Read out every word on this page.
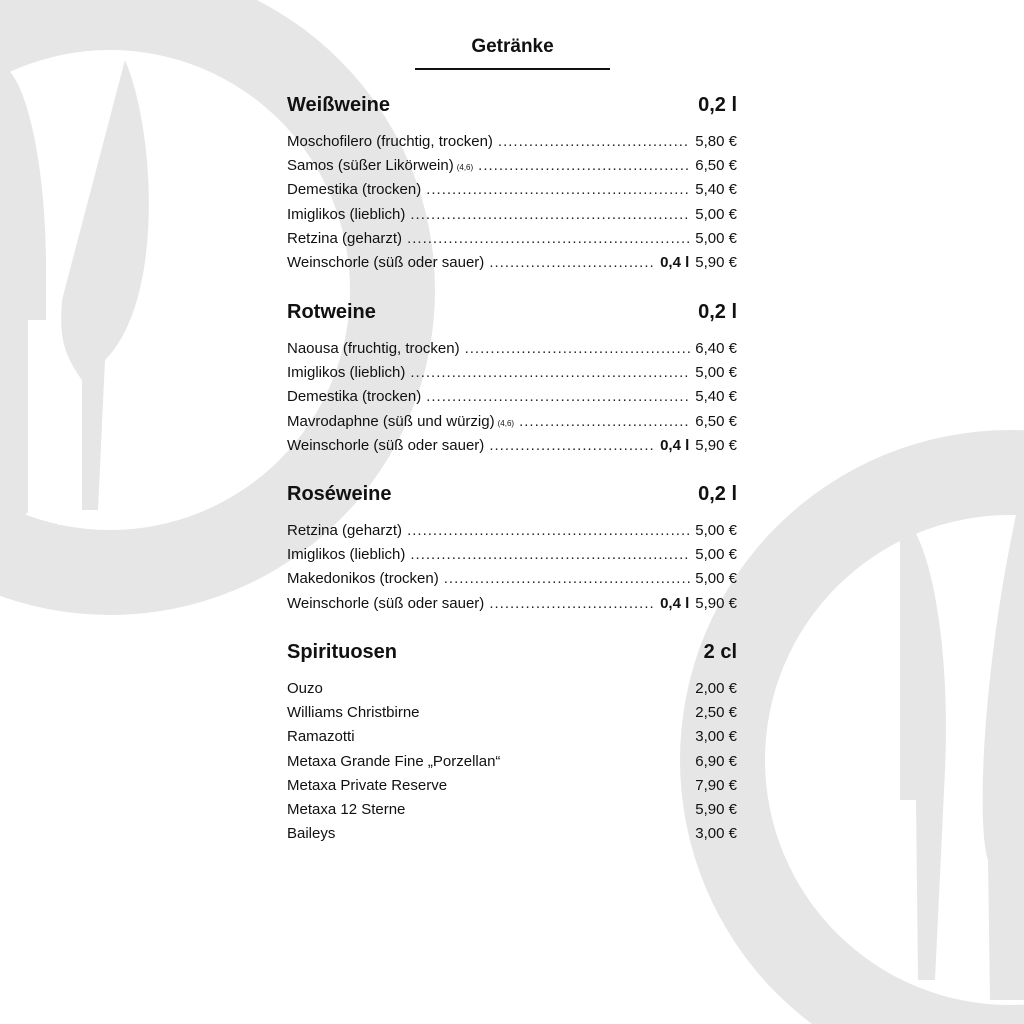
Getränke
Weißweine	0,2 l
Moschofilero (fruchtig, trocken) .....	5,80 €
Samos (süßer Likörwein) (4,6) .....	6,50 €
Demestika (trocken) .....	5,40 €
Imiglikos (lieblich) .....	5,00 €
Retzina (geharzt) .....	5,00 €
Weinschorle (süß oder sauer) .....	0,4 l 5,90 €
Rotweine	0,2 l
Naousa (fruchtig, trocken) .....	6,40 €
Imiglikos (lieblich) .....	5,00 €
Demestika (trocken) .....	5,40 €
Mavrodaphne (süß und würzig) (4,6) .....	6,50 €
Weinschorle (süß oder sauer) .....	0,4 l 5,90 €
Roséweine	0,2 l
Retzina (geharzt) .....	5,00 €
Imiglikos (lieblich) .....	5,00 €
Makedonikos (trocken) .....	5,00 €
Weinschorle (süß oder sauer) .....	0,4 l 5,90 €
Spirituosen	2 cl
Ouzo	2,00 €
Williams Christbirne	2,50 €
Ramazotti	3,00 €
Metaxa Grande Fine „Porzellan“	6,90 €
Metaxa Private Reserve	7,90 €
Metaxa 12 Sterne	5,90 €
Baileys	3,00 €
